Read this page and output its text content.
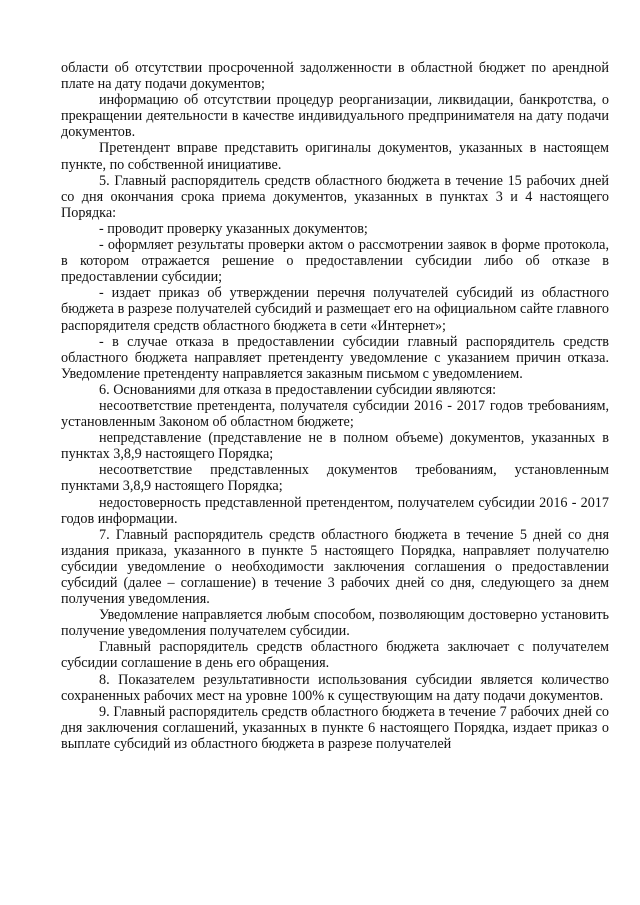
области об отсутствии просроченной задолженности в областной бюджет по арендной плате на дату подачи документов;

информацию об отсутствии процедур реорганизации, ликвидации, банкротства, о прекращении деятельности в качестве индивидуального предпринимателя на дату подачи документов.

Претендент вправе представить оригиналы документов, указанных в настоящем пункте, по собственной инициативе.

5. Главный распорядитель средств областного бюджета в течение 15 рабочих дней со дня окончания срока приема документов, указанных в пунктах 3 и 4 настоящего Порядка:

- проводит проверку указанных документов;

- оформляет результаты проверки актом о рассмотрении заявок в форме протокола, в котором отражается решение о предоставлении субсидии либо об отказе в предоставлении субсидии;

- издает приказ об утверждении перечня получателей субсидий из областного бюджета в разрезе получателей субсидий и размещает его на официальном сайте главного распорядителя средств областного бюджета в сети «Интернет»;

- в случае отказа в предоставлении субсидии главный распорядитель средств областного бюджета направляет претенденту уведомление с указанием причин отказа. Уведомление претенденту направляется заказным письмом с уведомлением.

6. Основаниями для отказа в предоставлении субсидии являются:

несоответствие претендента, получателя субсидии 2016 - 2017 годов требованиям, установленным Законом об областном бюджете;

непредставление (представление не в полном объеме) документов, указанных в пунктах 3,8,9 настоящего Порядка;

несоответствие представленных документов требованиям, установленным пунктами 3,8,9 настоящего Порядка;

недостоверность представленной претендентом, получателем субсидии 2016 - 2017 годов информации.

7. Главный распорядитель средств областного бюджета в течение 5 дней со дня издания приказа, указанного в пункте 5 настоящего Порядка, направляет получателю субсидии уведомление о необходимости заключения соглашения о предоставлении субсидий (далее – соглашение) в течение 3 рабочих дней со дня, следующего за днем получения уведомления.

Уведомление направляется любым способом, позволяющим достоверно установить получение уведомления получателем субсидии.

Главный распорядитель средств областного бюджета заключает с получателем субсидии соглашение в день его обращения.

8. Показателем результативности использования субсидии является количество сохраненных рабочих мест на уровне 100% к существующим на дату подачи документов.

9. Главный распорядитель средств областного бюджета в течение 7 рабочих дней со дня заключения соглашений, указанных в пункте 6 настоящего Порядка, издает приказ о выплате субсидий из областного бюджета в разрезе получателей
